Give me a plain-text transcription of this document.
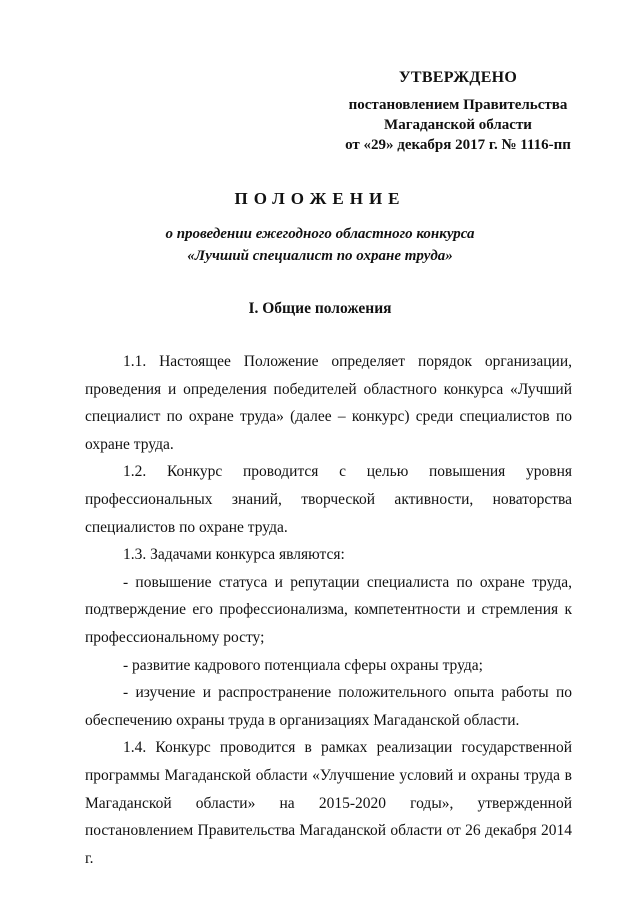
УТВЕРЖДЕНО
постановлением Правительства
Магаданской области
от «29» декабря 2017 г. № 1116-пп
ПОЛОЖЕНИЕ
о проведении ежегодного областного конкурса
«Лучший специалист по охране труда»
I. Общие положения

1.1. Настоящее Положение определяет порядок организации, проведения и определения победителей областного конкурса «Лучший специалист по охране труда» (далее – конкурс) среди специалистов по охране труда.

1.2. Конкурс проводится с целью повышения уровня профессиональных знаний, творческой активности, новаторства специалистов по охране труда.

1.3. Задачами конкурса являются:

- повышение статуса и репутации специалиста по охране труда, подтверждение его профессионализма, компетентности и стремления к профессиональному росту;

- развитие кадрового потенциала сферы охраны труда;

- изучение и распространение положительного опыта работы по обеспечению охраны труда в организациях Магаданской области.

1.4. Конкурс проводится в рамках реализации государственной программы Магаданской области «Улучшение условий и охраны труда в Магаданской области» на 2015-2020 годы», утвержденной постановлением Правительства Магаданской области от 26 декабря 2014 г.
